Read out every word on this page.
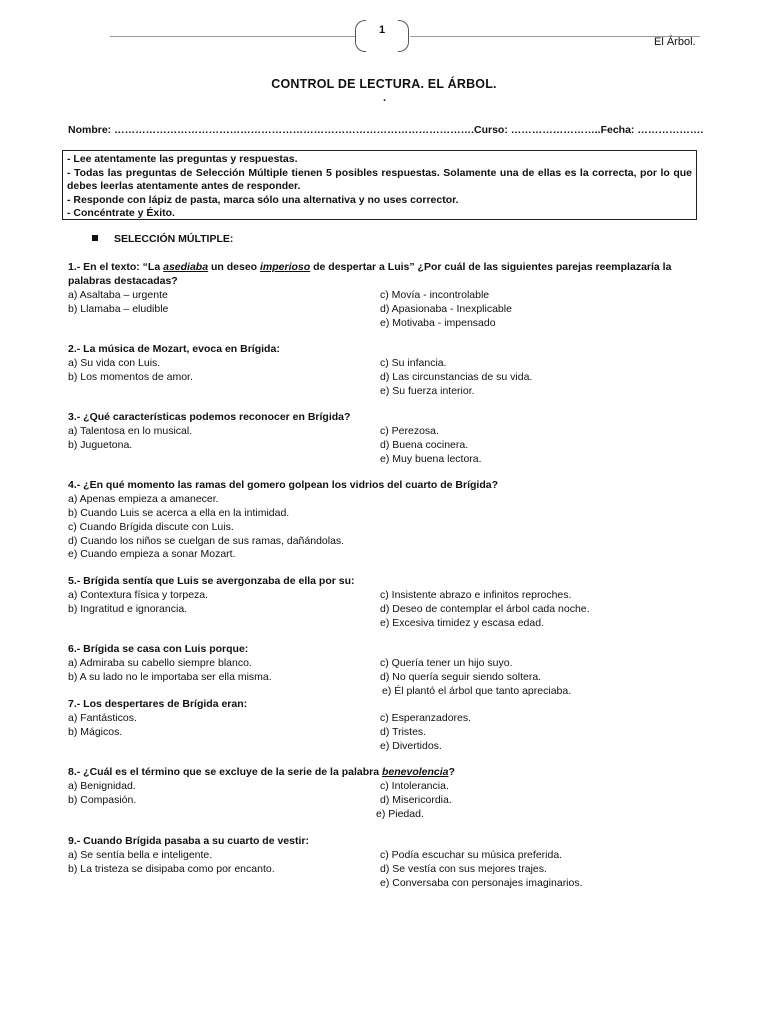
1
El Árbol.
CONTROL DE LECTURA. EL ÁRBOL.
.
Nombre: ………………………………………………………………………………………….Curso: ……………………..Fecha: ……………….
- Lee atentamente las preguntas y respuestas.
- Todas las preguntas de Selección Múltiple tienen 5 posibles respuestas. Solamente una de ellas es la correcta, por lo que debes leerlas atentamente antes de responder.
- Responde con lápiz de pasta, marca sólo una alternativa y no uses corrector.
- Concéntrate y Éxito.
SELECCIÓN MÚLTIPLE:
1.- En el texto: “La asediaba un deseo imperioso de despertar a Luis” ¿Por cuál de las siguientes parejas reemplazaría la palabras destacadas?
a) Asaltaba – urgente
b) Llamaba – eludible
c) Movía - incontrolable
d) Apasionaba - Inexplicable
e) Motivaba - impensado
2.- La música de Mozart, evoca en Brígida:
a) Su vida con Luis.
b) Los momentos de amor.
c) Su infancia.
d) Las circunstancias de su vida.
e) Su fuerza interior.
3.- ¿Qué características podemos reconocer en Brígida?
a) Talentosa en lo musical.
b) Juguetona.
c) Perezosa.
d) Buena cocinera.
e) Muy buena lectora.
4.- ¿En qué momento las ramas del gomero golpean los vidrios del cuarto de Brígida?
a) Apenas empieza a amanecer.
b) Cuando Luis se acerca a ella en la intimidad.
c) Cuando Brígida discute con Luis.
d) Cuando los niños se cuelgan de sus ramas, dañándolas.
e) Cuando empieza a sonar Mozart.
5.- Brígida sentía que Luis se avergonzaba de ella por su:
a) Contextura física y torpeza.
b) Ingratitud e ignorancia.
c) Insistente abrazo e infinitos reproches.
d) Deseo de contemplar el árbol cada noche.
e) Excesiva timidez y escasa edad.
6.- Brígida se casa con Luis porque:
a) Admiraba su cabello siempre blanco.
b) A su lado no le importaba ser ella misma.
c) Quería tener un hijo suyo.
d) No quería seguir siendo soltera.
e) Él plantó el árbol que tanto apreciaba.
7.- Los despertares de Brígida eran:
a) Fantásticos.
b) Mágicos.
c) Esperanzadores.
d) Tristes.
e) Divertidos.
8.- ¿Cuál es el término que se excluye de la serie de la palabra benevolencia?
a) Benignidad.
b) Compasión.
c) Intolerancia.
d) Misericordia.
e) Piedad.
9.- Cuando Brígida pasaba a su cuarto de vestir:
a) Se sentía bella e inteligente.
b) La tristeza se disipaba como por encanto.
c) Podía escuchar su música preferida.
d) Se vestía con sus mejores trajes.
e) Conversaba con personajes imaginarios.
